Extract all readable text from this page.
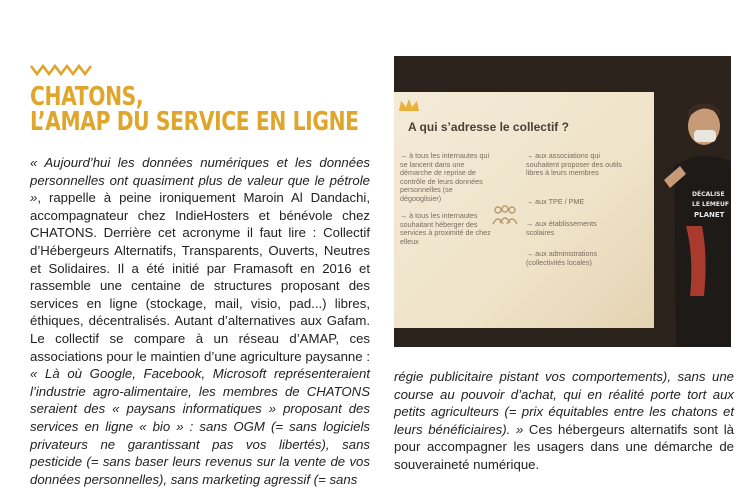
CHATONS,
L’AMAP DU SERVICE EN LIGNE
« Aujourd’hui les données numériques et les données personnelles ont quasiment plus de valeur que le pétrole », rappelle à peine ironiquement Maroin Al Dandachi, accompagnateur chez IndieHosters et bénévole chez CHATONS. Derrière cet acronyme il faut lire : Collectif d’Hébergeurs Alternatifs, Transparents, Ouverts, Neutres et Solidaires. Il a été initié par Framasoft en 2016 et rassemble une centaine de structures proposant des services en ligne (stockage, mail, visio, pad...) libres, éthiques, décentralisés. Autant d’alternatives aux Gafam. Le collectif se compare à un réseau d’AMAP, ces associations pour le maintien d’une agriculture paysanne : « Là où Google, Facebook, Microsoft représenteraient l’industrie agro-alimentaire, les membres de CHATONS seraient des « paysans informatiques » proposant des services en ligne « bio » : sans OGM (= sans logiciels privateurs ne garantissant pas vos libertés), sans pesticide (= sans baser leurs revenus sur la vente de vos données personnelles), sans marketing agressif (= sans
régie publicitaire pistant vos comportements), sans une course au pouvoir d’achat, qui en réalité porte tort aux petits agriculteurs (= prix équitables entre les chatons et leurs bénéficiaires). » Ces hébergeurs alternatifs sont là pour accompagner les usagers dans une démarche de souveraineté numérique.
A qui s’adresse le collectif ?
→ à tous les internautes qui se lancent dans une démarche de reprise de contrôle de leurs données personnelles (se dégooglisier)
→ à tous les internautes souhaitant héberger des services à proximité de chez elleux
→ aux associations qui souhaitent proposer des outils libres à leurs membres
→ aux TPE / PME
→ aux établissements scolaires
→ aux administrations (collectivités locales)
DÉCALISE
LE LEMEUF
PLANET
